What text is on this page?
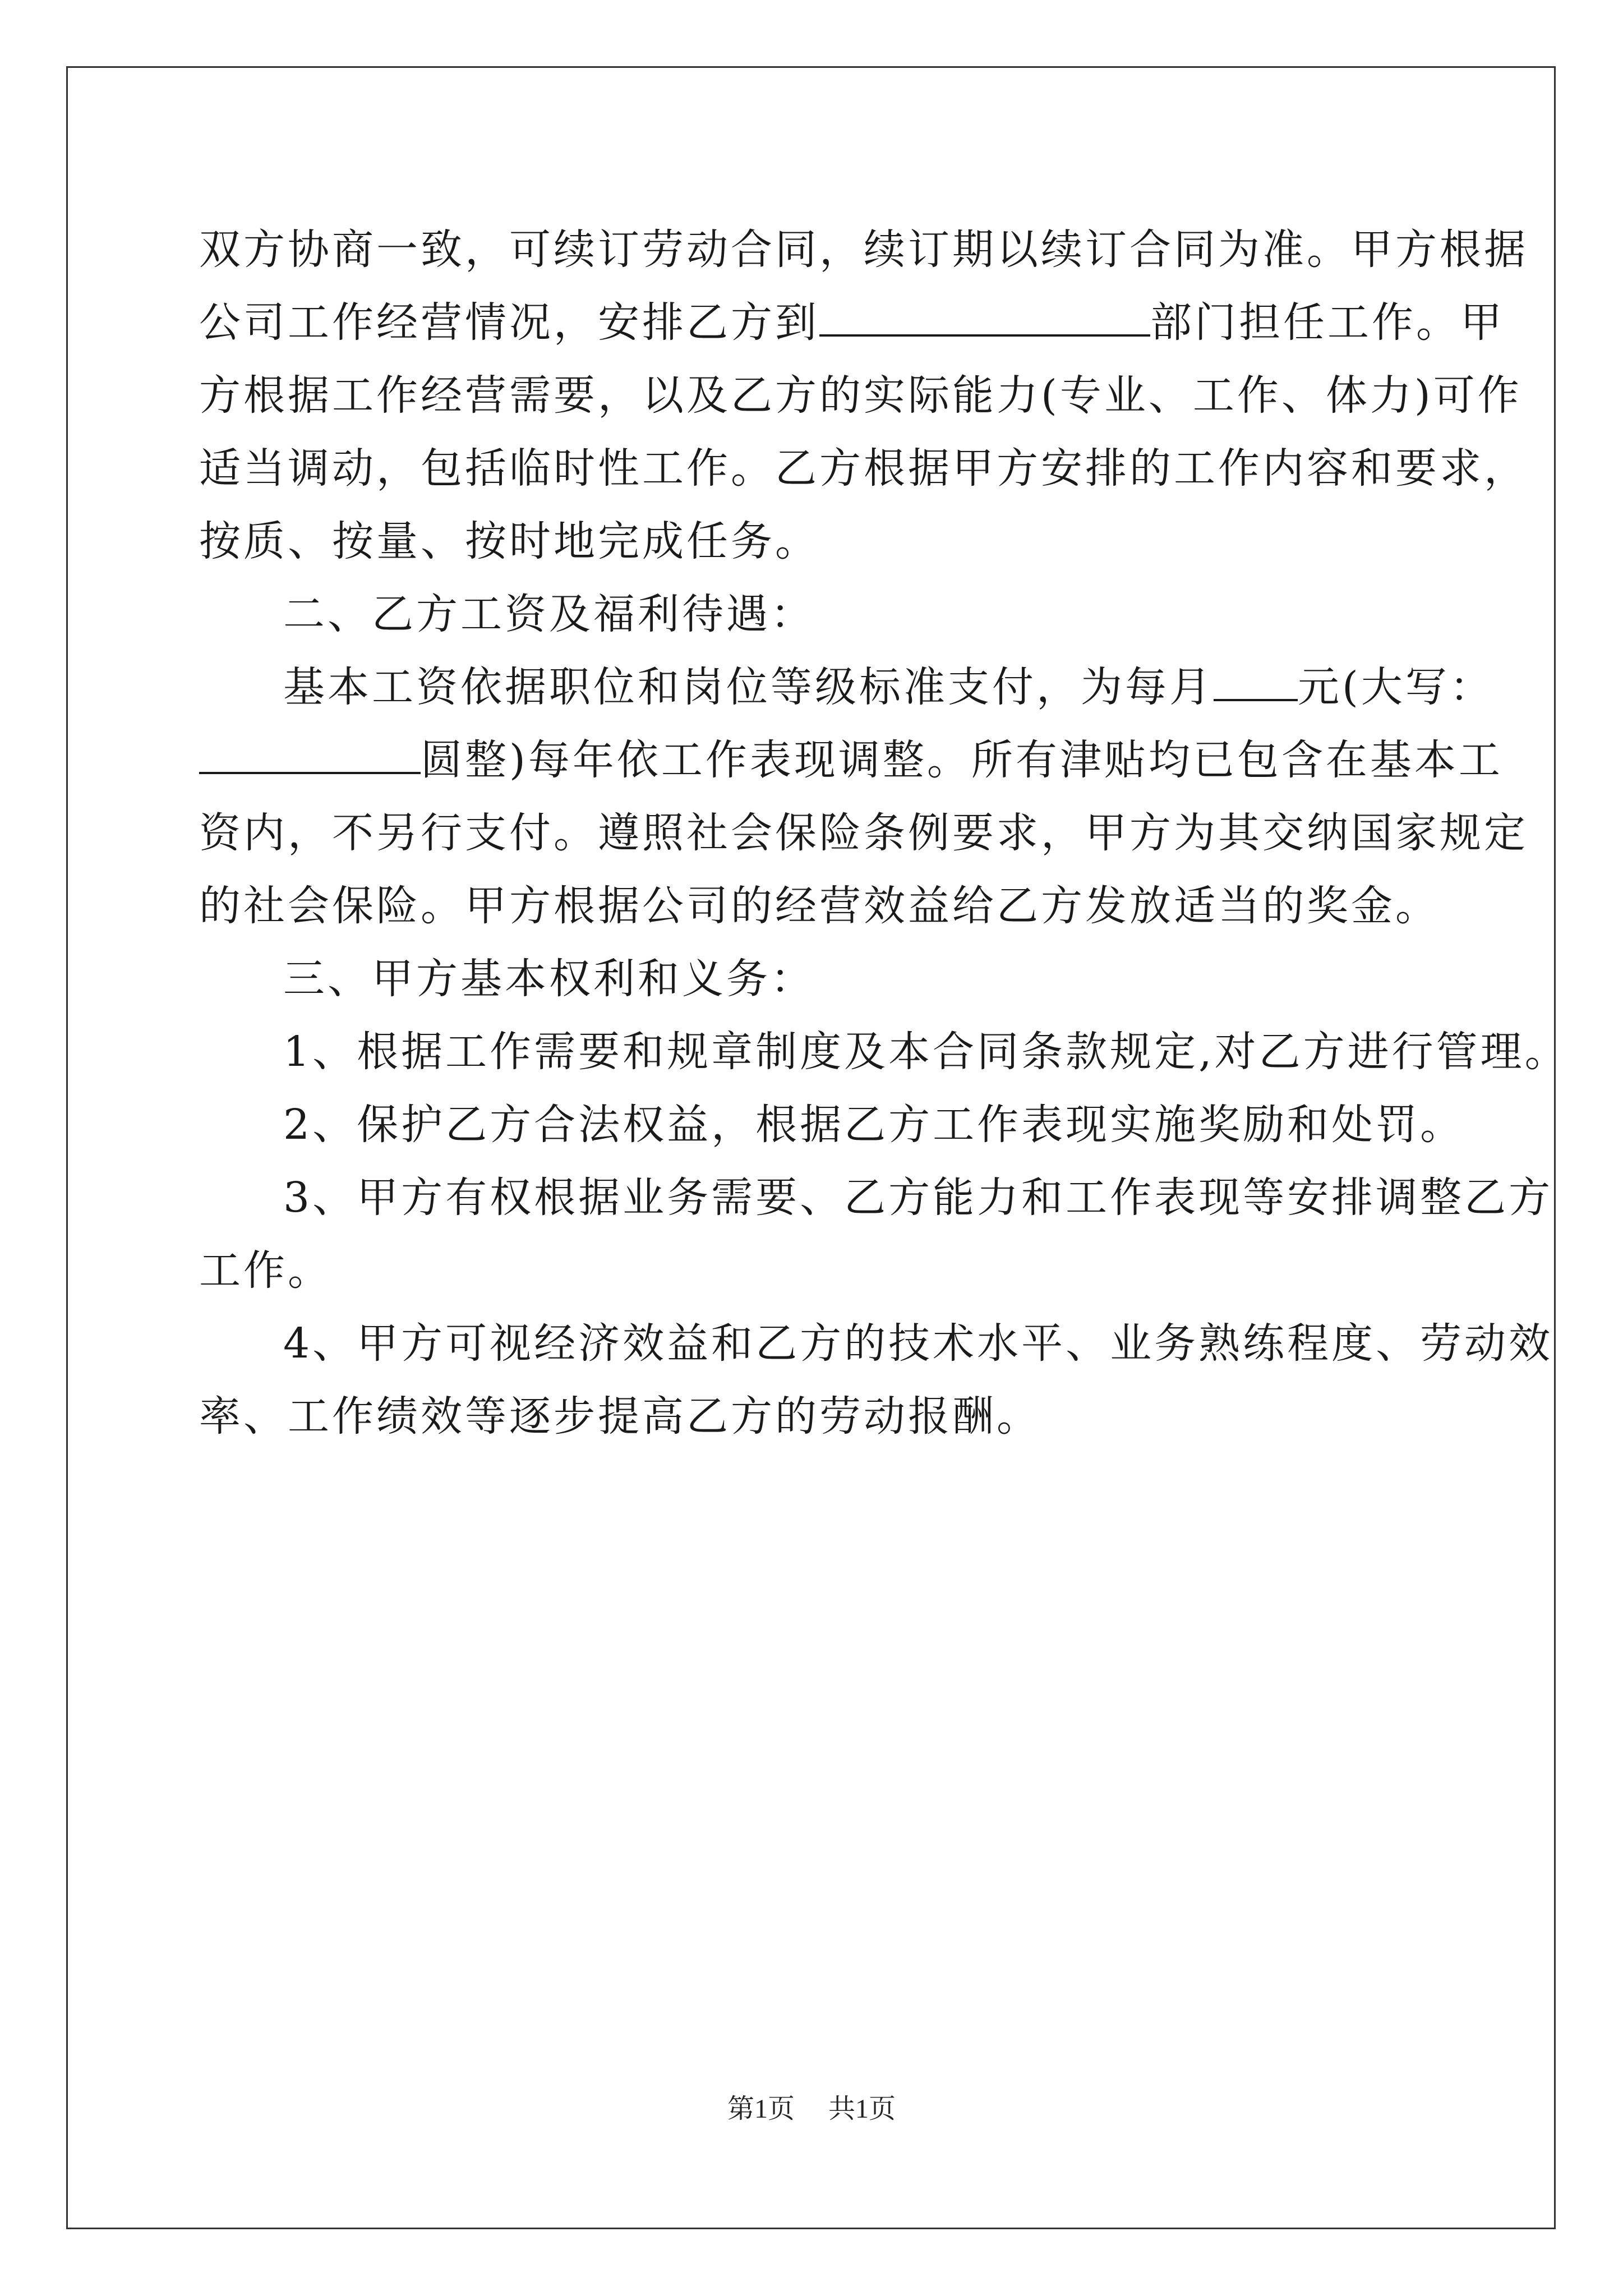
双方协商一致，可续订劳动合同，续订期以续订合同为准。甲方根据
公司工作经营情况，安排乙方到	部门担任工作。甲
方根据工作经营需要，以及乙方的实际能力(专业、工作、体力)可作
适当调动，包括临时性工作。乙方根据甲方安排的工作内容和要求，
按质、按量、按时地完成任务。
二、乙方工资及福利待遇：
基本工资依据职位和岗位等级标准支付，为每月 元(大写：
圆整)每年依工作表现调整。所有津贴均已包含在基本工
资内，不另行支付。遵照社会保险条例要求，甲方为其交纳国家规定
的社会保险。甲方根据公司的经营效益给乙方发放适当的奖金。
三、甲方基本权利和义务：
1、根据工作需要和规章制度及本合同条款规定,对乙方进行管理。
2、保护乙方合法权益，根据乙方工作表现实施奖励和处罚。
3、甲方有权根据业务需要、乙方能力和工作表现等安排调整乙方
工作。
4、甲方可视经济效益和乙方的技术水平、业务熟练程度、劳动效
率、工作绩效等逐步提高乙方的劳动报酬。
第1页 共1页
